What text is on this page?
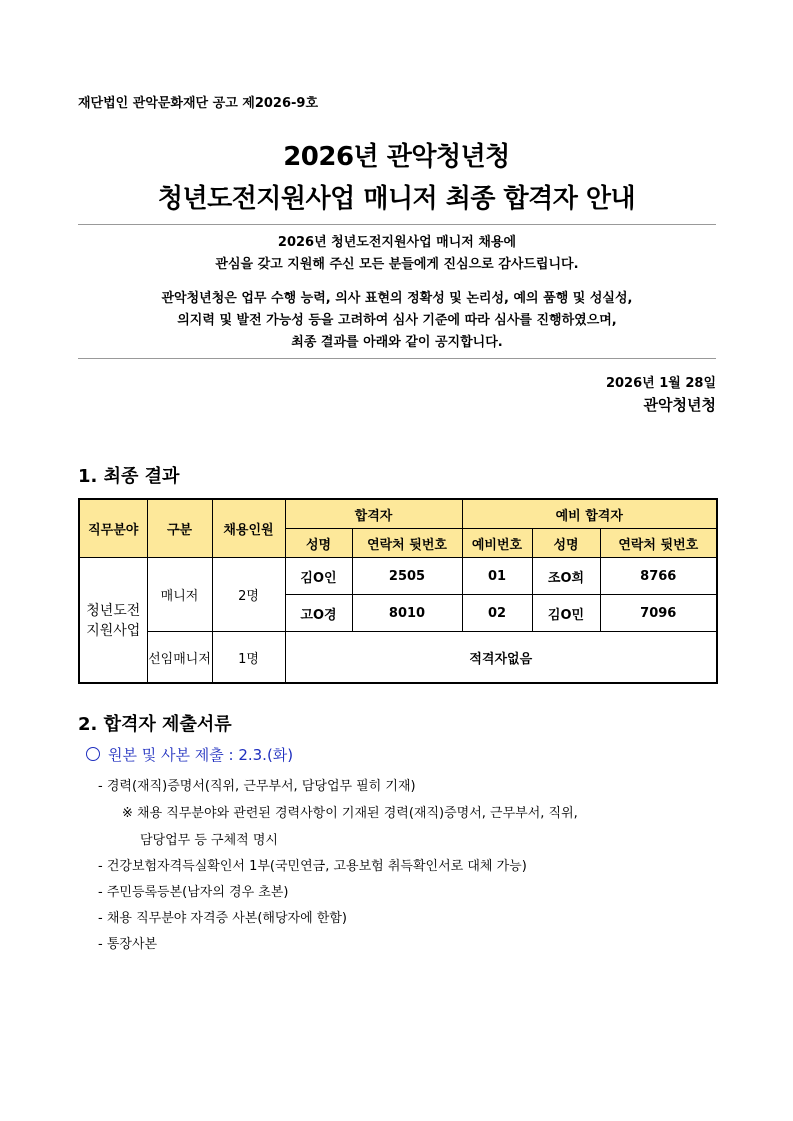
재단법인 관악문화재단 공고 제2026-9호
2026년 관악청년청
청년도전지원사업 매니저 최종 합격자 안내
2026년 청년도전지원사업 매니저 채용에
관심을 갖고 지원해 주신 모든 분들에게 진심으로 감사드립니다.
관악청년청은 업무 수행 능력, 의사 표현의 정확성 및 논리성, 예의 품행 및 성실성,
의지력 및 발전 가능성 등을 고려하여 심사 기준에 따라 심사를 진행하였으며,
최종 결과를 아래와 같이 공지합니다.
2026년 1월 28일
관악청년청
1. 최종 결과
직무분야	구분	채용인원	합격자		예비 합격자		
			성명	연락처 뒷번호	예비번호	성명	연락처 뒷번호
청년도전
지원사업	매니저	2명	김O인	2505	01	조O희	8766
			고O경	8010	02	김O민	7096
	선임매니저	1명	적격자없음				
2. 합격자 제출서류
원본 및 사본 제출 : 2.3.(화)
- 경력(재직)증명서(직위, 근무부서, 담당업무 필히 기재)
※ 채용 직무분야와 관련된 경력사항이 기재된 경력(재직)증명서, 근무부서, 직위,
담당업무 등 구체적 명시
- 건강보험자격득실확인서 1부(국민연금, 고용보험 취득확인서로 대체 가능)
- 주민등록등본(남자의 경우 초본)
- 채용 직무분야 자격증 사본(해당자에 한함)
- 통장사본
